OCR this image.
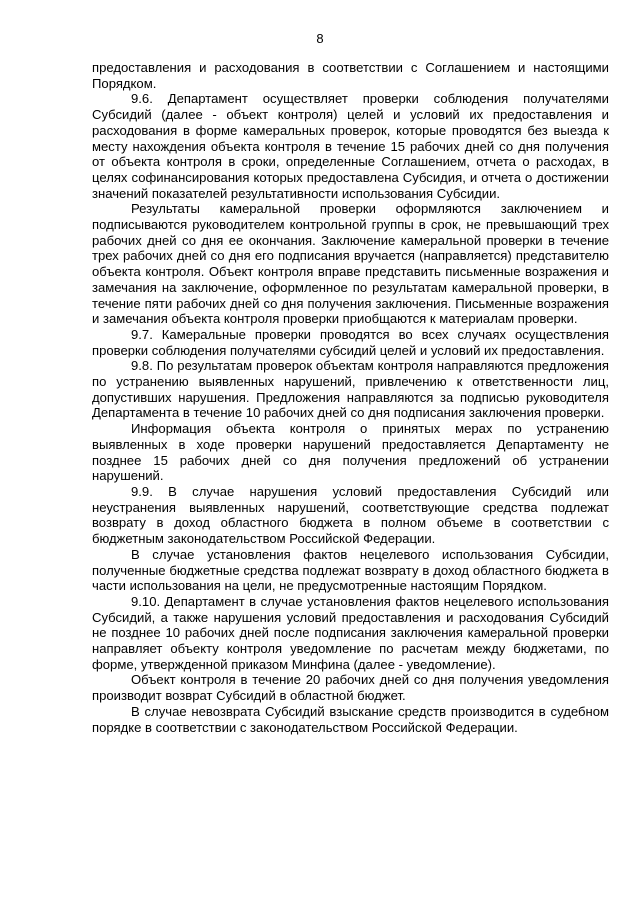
8

предоставления и расходования в соответствии с Соглашением и настоящими Порядком.

9.6. Департамент осуществляет проверки соблюдения получателями Субсидий (далее - объект контроля) целей и условий их предоставления и расходования в форме камеральных проверок, которые проводятся без выезда к месту нахождения объекта контроля в течение 15 рабочих дней со дня получения от объекта контроля в сроки, определенные Соглашением, отчета о расходах, в целях софинансирования которых предоставлена Субсидия, и отчета о достижении значений показателей результативности использования Субсидии.

Результаты камеральной проверки оформляются заключением и подписываются руководителем контрольной группы в срок, не превышающий трех рабочих дней со дня ее окончания. Заключение камеральной проверки в течение трех рабочих дней со дня его подписания вручается (направляется) представителю объекта контроля. Объект контроля вправе представить письменные возражения и замечания на заключение, оформленное по результатам камеральной проверки, в течение пяти рабочих дней со дня получения заключения. Письменные возражения и замечания объекта контроля проверки приобщаются к материалам проверки.

9.7. Камеральные проверки проводятся во всех случаях осуществления проверки соблюдения получателями субсидий целей и условий их предоставления.

9.8. По результатам проверок объектам контроля направляются предложения по устранению выявленных нарушений, привлечению к ответственности лиц, допустивших нарушения. Предложения направляются за подписью руководителя Департамента в течение 10 рабочих дней со дня подписания заключения проверки.

Информация объекта контроля о принятых мерах по устранению выявленных в ходе проверки нарушений предоставляется Департаменту не позднее 15 рабочих дней со дня получения предложений об устранении нарушений.

9.9. В случае нарушения условий предоставления Субсидий или неустранения выявленных нарушений, соответствующие средства подлежат возврату в доход областного бюджета в полном объеме в соответствии с бюджетным законодательством Российской Федерации.

В случае установления фактов нецелевого использования Субсидии, полученные бюджетные средства подлежат возврату в доход областного бюджета в части использования на цели, не предусмотренные настоящим Порядком.

9.10. Департамент в случае установления фактов нецелевого использования Субсидий, а также нарушения условий предоставления и расходования Субсидий не позднее 10 рабочих дней после подписания заключения камеральной проверки направляет объекту контроля уведомление по расчетам между бюджетами, по форме, утвержденной приказом Минфина (далее - уведомление).

Объект контроля в течение 20 рабочих дней со дня получения уведомления производит возврат Субсидий в областной бюджет.

В случае невозврата Субсидий взыскание средств производится в судебном порядке в соответствии с законодательством Российской Федерации.
